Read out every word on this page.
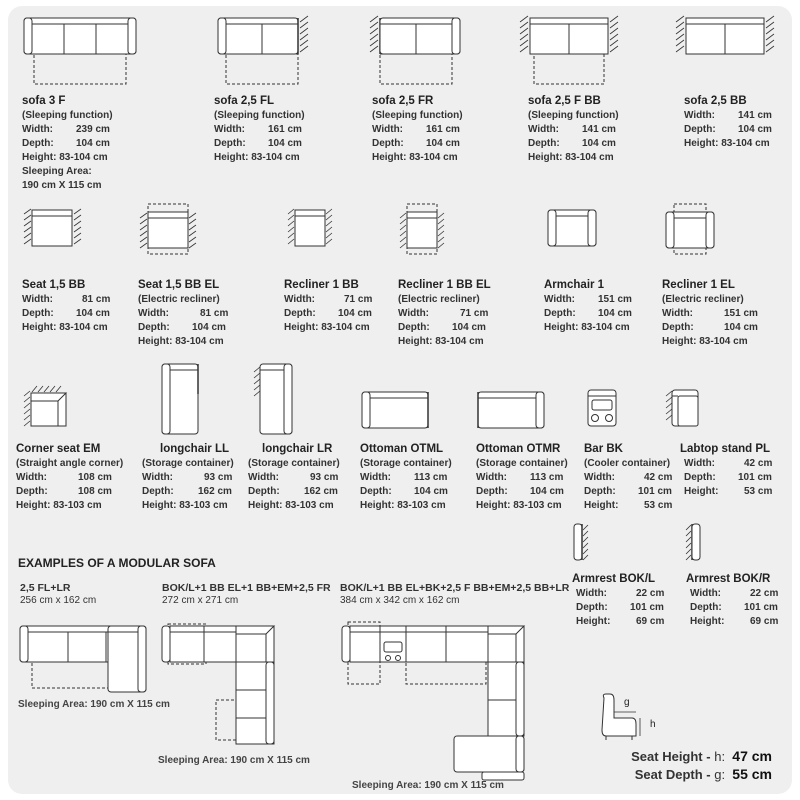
sofa 3 F
(Sleeping function)
Width: 239 cm
Depth: 104 cm
Height: 83-104 cm
Sleeping Area:
190 cm X 115 cm
sofa 2,5 FL
(Sleeping function)
Width: 161 cm
Depth: 104 cm
Height: 83-104 cm
sofa 2,5 FR
(Sleeping function)
Width: 161 cm
Depth: 104 cm
Height: 83-104 cm
sofa 2,5 F BB
(Sleeping function)
Width: 141 cm
Depth: 104 cm
Height: 83-104 cm
sofa 2,5 BB
Width: 141 cm
Depth: 104 cm
Height: 83-104 cm
Seat 1,5 BB
Width:	81 cm
Depth: 104 cm
Height: 83-104 cm
Seat 1,5 BB EL
(Electric recliner)
Width:	81 cm
Depth: 104 cm
Height: 83-104 cm
Recliner 1 BB
Width:	71 cm
Depth: 104 cm
Height: 83-104 cm
Recliner 1 BB EL
(Electric recliner)
Width:	71 cm
Depth: 104 cm
Height: 83-104 cm
Armchair 1
Width: 151 cm
Depth: 104 cm
Height: 83-104 cm
Recliner 1 EL
(Electric recliner)
Width:	151 cm
Depth:	104 cm
Height: 83-104 cm
Corner seat EM
(Straight angle corner)
Width:	108 cm
Depth:	108 cm
Height: 83-103 cm
longchair LL
(Storage container)
Width:	93 cm
Depth: 162 cm
Height: 83-103 cm
longchair LR
(Storage container)
Width:	93 cm
Depth: 162 cm
Height: 83-103 cm
Ottoman OTML
(Storage container)
Width: 113 cm
Depth: 104 cm
Height: 83-103 cm
Ottoman OTMR
(Storage container)
Width: 113 cm
Depth: 104 cm
Height: 83-103 cm
Bar BK
(Cooler container)
Width:	42 cm
Depth: 101 cm
Height:	53 cm
Labtop stand PL
Width:	42 cm
Depth: 101 cm
Height:	53 cm
Armrest BOK/L
Width:	22 cm
Depth: 101 cm
Height:	69 cm
Armrest BOK/R
Width:	22 cm
Depth: 101 cm
Height:	69 cm
EXAMPLES OF A MODULAR SOFA
2,5 FL+LR
256 cm x 162 cm
Sleeping Area: 190 cm X 115 cm
BOK/L+1 BB EL+1 BB+EM+2,5 FR
272 cm x 271 cm
Sleeping Area: 190 cm X 115 cm
BOK/L+1 BB EL+BK+2,5 F BB+EM+2,5 BB+LR
384 cm x 342 cm x 162 cm
Sleeping Area: 190 cm X 115 cm
g
h
Seat Height - h: 47 cm
Seat Depth - g: 55 cm
